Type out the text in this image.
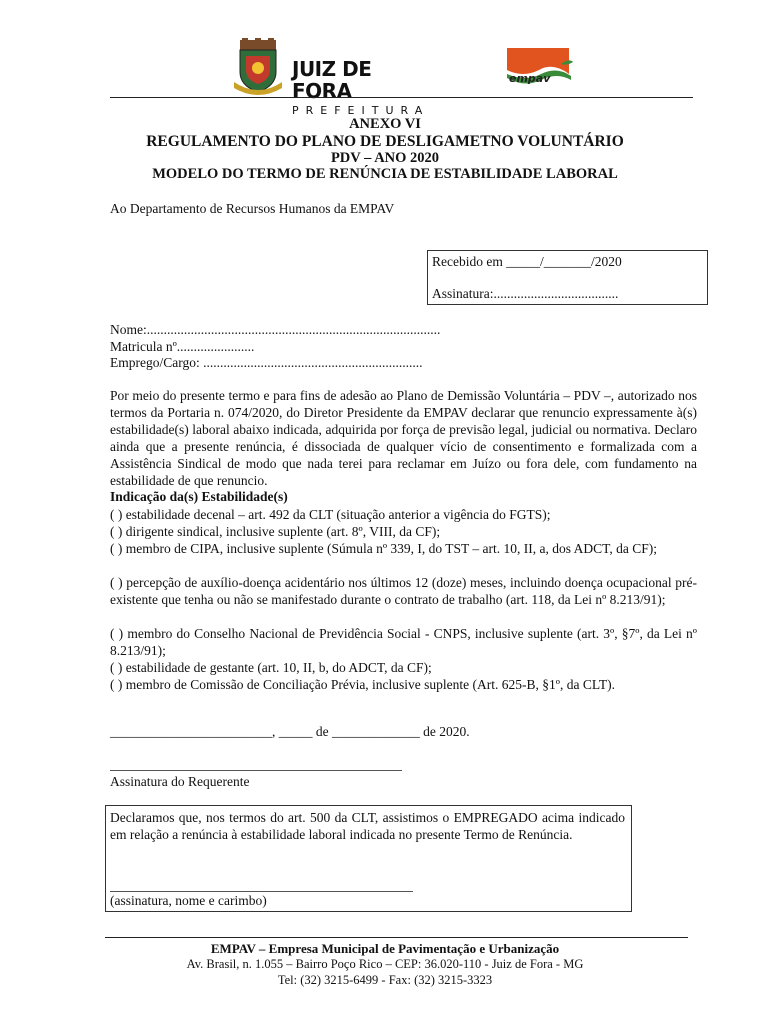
JUIZ DE FORA
PREFEITURA
empav
ANEXO VI
REGULAMENTO DO PLANO DE DESLIGAMETNO VOLUNTÁRIO
PDV – ANO 2020
MODELO DO TERMO DE RENÚNCIA DE ESTABILIDADE LABORAL
Ao Departamento de Recursos Humanos da EMPAV
Recebido em _____/_______/2020
Assinatura:.....................................
Nome:.......................................................................................
Matricula nº.......................
Emprego/Cargo: .................................................................
Por meio do presente termo e para fins de adesão ao Plano de Demissão Voluntária – PDV –, autorizado nos termos da Portaria n. 074/2020, do Diretor Presidente da EMPAV declarar que renuncio expressamente à(s) estabilidade(s) laboral abaixo indicada, adquirida por força de previsão legal, judicial ou normativa. Declaro ainda que a presente renúncia, é dissociada de qualquer vício de consentimento e formalizada com a Assistência Sindical de modo que nada terei para reclamar em Juízo ou fora dele, com fundamento na estabilidade de que renuncio.
Indicação da(s) Estabilidade(s)
( ) estabilidade decenal – art. 492 da CLT (situação anterior a vigência do FGTS);
( ) dirigente sindical, inclusive suplente (art. 8º, VIII, da CF);
( ) membro de CIPA, inclusive suplente (Súmula nº 339, I, do TST – art. 10, II, a, dos ADCT, da CF);
( ) percepção de auxílio-doença acidentário nos últimos 12 (doze) meses, incluindo doença ocupacional pré-existente que tenha ou não se manifestado durante o contrato de trabalho (art. 118, da Lei nº 8.213/91);
( ) membro do Conselho Nacional de Previdência Social - CNPS, inclusive suplente (art. 3º, §7º, da Lei nº 8.213/91);
( ) estabilidade de gestante (art. 10, II, b, do ADCT, da CF);
( ) membro de Comissão de Conciliação Prévia, inclusive suplente (Art. 625-B, §1º, da CLT).
________________________, _____ de _____________ de 2020.
Assinatura do Requerente
Declaramos que, nos termos do art. 500 da CLT, assistimos o EMPREGADO acima indicado em relação a renúncia à estabilidade laboral indicada no presente Termo de Renúncia.
(assinatura, nome e carimbo)
EMPAV – Empresa Municipal de Pavimentação e Urbanização
Av. Brasil, n. 1.055 – Bairro Poço Rico – CEP: 36.020-110 - Juiz de Fora - MG
Tel: (32) 3215-6499 - Fax: (32) 3215-3323
